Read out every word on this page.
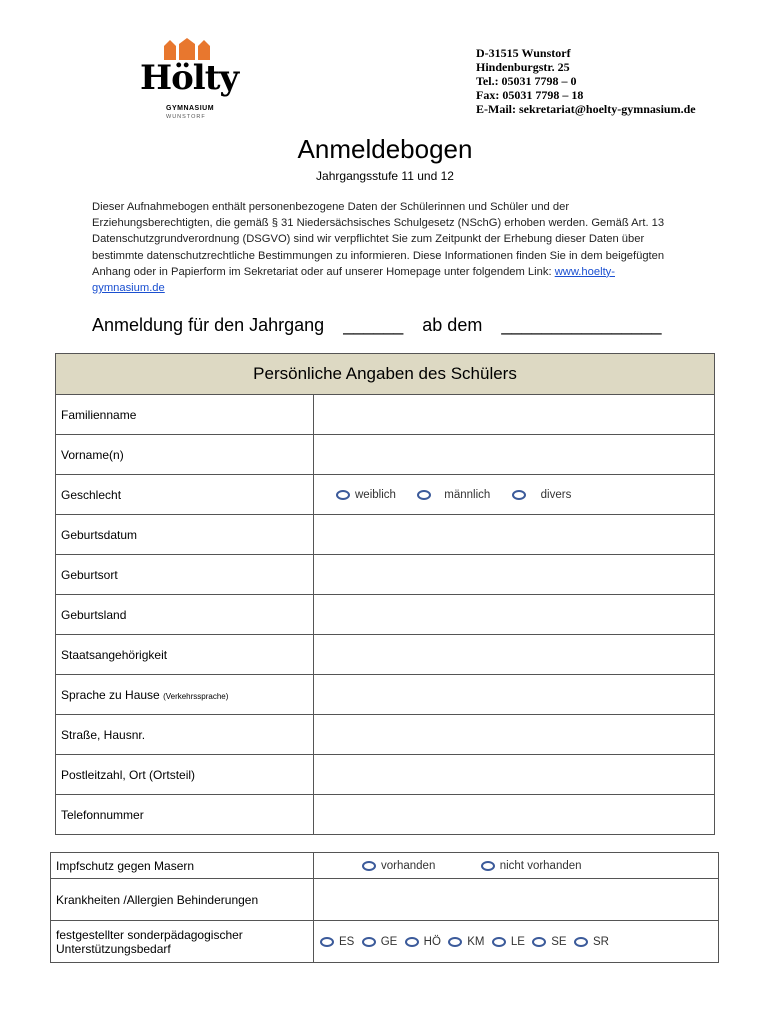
Hölty
GYMNASIUM
WUNSTORF
D-31515 Wunstorf
Hindenburgstr. 25
Tel.: 05031 7798 – 0
Fax: 05031 7798 – 18
E-Mail: sekretariat@hoelty-gymnasium.de
Anmeldebogen
Jahrgangsstufe 11 und 12
Dieser Aufnahmebogen enthält personenbezogene Daten der Schülerinnen und Schüler und der Erziehungsberechtigten, die gemäß § 31 Niedersächsisches Schulgesetz (NSchG) erhoben werden. Gemäß Art. 13 Datenschutzgrundverordnung (DSGVO) sind wir verpflichtet Sie zum Zeitpunkt der Erhebung dieser Daten über bestimmte datenschutzrechtliche Bestimmungen zu informieren. Diese Informationen finden Sie in dem beigefügten Anhang oder in Papierform im Sekretariat oder auf unserer Homepage unter folgendem Link: www.hoelty-gymnasium.de
Anmeldung für den Jahrgang ______ ab dem ________________
Persönliche Angaben des Schülers	
Familienname	
Vorname(n)	
Geschlecht	weiblich männlich divers
Geburtsdatum	
Geburtsort	
Geburtsland	
Staatsangehörigkeit	
Sprache zu Hause (Verkehrssprache)	
Straße, Hausnr.	
Postleitzahl, Ort (Ortsteil)	
Telefonnummer	
Impfschutz gegen Masern	vorhanden nicht vorhanden
Krankheiten /Allergien Behinderungen	
festgestellter sonderpädagogischer Unterstützungsbedarf	ES GE HÖ KM LE SE SR
